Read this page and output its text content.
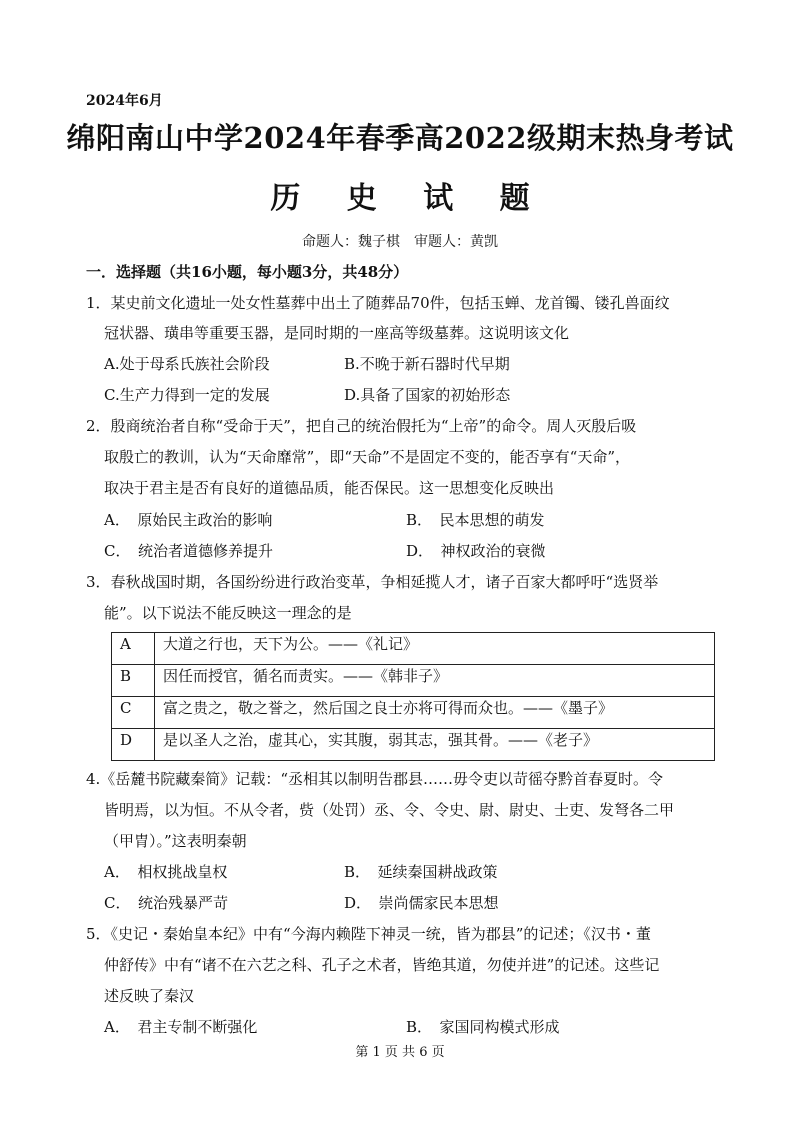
2024年6月
绵阳南山中学2024年春季高2022级期末热身考试
历 史 试 题
命题人：魏子棋　审题人：黄凯
一．选择题（共16小题，每小题3分，共48分）
1．某史前文化遗址一处女性墓葬中出土了随葬品70件，包括玉蝉、龙首镯、镂孔兽面纹
冠状器、璜串等重要玉器，是同时期的一座高等级墓葬。这说明该文化
A.处于母系氏族社会阶段	B.不晚于新石器时代早期
C.生产力得到一定的发展	D.具备了国家的初始形态
2．殷商统治者自称“受命于天”，把自己的统治假托为“上帝”的命令。周人灭殷后吸
取殷亡的教训，认为“天命靡常”，即“天命”不是固定不变的，能否享有“天命”，
取决于君主是否有良好的道德品质，能否保民。这一思想变化反映出
A．　原始民主政治的影响	B．　民本思想的萌发
C．　统治者道德修养提升	D．　神权政治的衰微
3．春秋战国时期，各国纷纷进行政治变革，争相延揽人才，诸子百家大都呼吁“选贤举
能”。以下说法不能反映这一理念的是
A	大道之行也，天下为公。——《礼记》
B	因任而授官，循名而责实。——《韩非子》
C	富之贵之，敬之誉之，然后国之良士亦将可得而众也。——《墨子》
D	是以圣人之治，虚其心，实其腹，弱其志，强其骨。——《老子》
4.《岳麓书院藏秦简》记载：“丞相其以制明告郡县……毋令吏以苛徭夺黔首春夏时。令
皆明焉，以为恒。不从令者，赀（处罚）丞、令、令史、尉、尉史、士吏、发弩各二甲
（甲胄）。”这表明秦朝
A．　相权挑战皇权	B．　延续秦国耕战政策
C．　统治残暴严苛	D．　崇尚儒家民本思想
5．《史记・秦始皇本纪》中有“今海内赖陛下神灵一统，皆为郡县”的记述；《汉书・董
仲舒传》中有“诸不在六艺之科、孔子之术者，皆绝其道，勿使并进”的记述。这些记
述反映了秦汉
A．　君主专制不断强化	B．　家国同构模式形成
第 1 页 共 6 页
